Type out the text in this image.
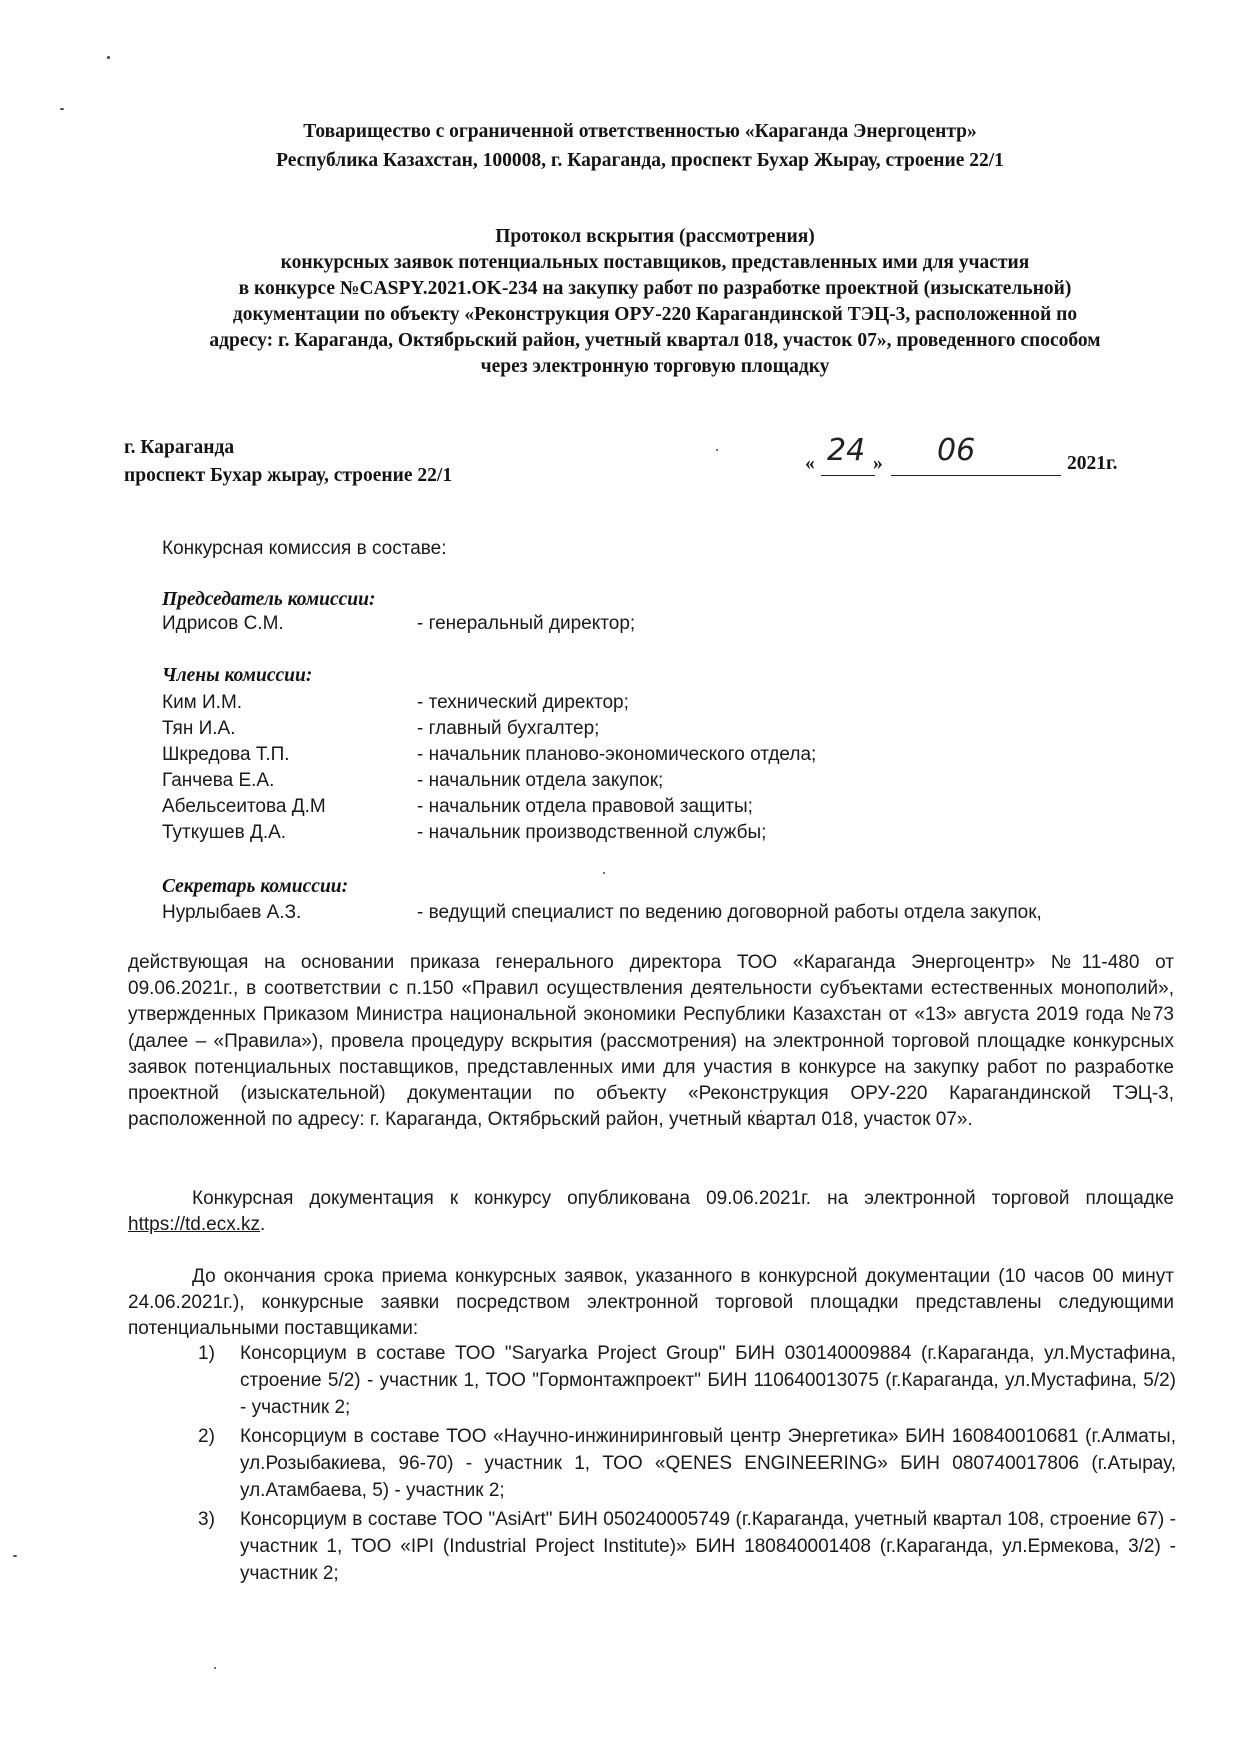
Товарищество с ограниченной ответственностью «Караганда Энергоцентр»
Республика Казахстан, 100008, г. Караганда, проспект Бухар Жырау, строение 22/1
Протокол вскрытия (рассмотрения)
конкурсных заявок потенциальных поставщиков, представленных ими для участия
в конкурсе №CASPY.2021.OK-234 на закупку работ по разработке проектной (изыскательной)
документации по объекту «Реконструкция ОРУ-220 Карагандинской ТЭЦ-3, расположенной по
адресу: г. Караганда, Октябрьский район, учетный квартал 018, участок 07», проведенного способом
через электронную торговую площадку
г. Караганда
проспект Бухар жырау, строение 22/1
« 24 » 06	2021г.
Конкурсная комиссия в составе:
Председатель комиссии:
Идрисов С.М.	- генеральный директор;
Члены комиссии:
Ким И.М.	- технический директор;
Тян И.А.	- главный бухгалтер;
Шкредова Т.П.	- начальник планово-экономического отдела;
Ганчева Е.А.	- начальник отдела закупок;
Абельсеитова Д.М	- начальник отдела правовой защиты;
Туткушев Д.А.	- начальник производственной службы;
Секретарь комиссии:
Нурлыбаев А.З.	- ведущий специалист по ведению договорной работы отдела закупок,
действующая на основании приказа генерального директора ТОО «Караганда Энергоцентр» №11-480 от 09.06.2021г., в соответствии с п.150 «Правил осуществления деятельности субъектами естественных монополий», утвержденных Приказом Министра национальной экономики Республики Казахстан от «13» августа 2019 года №73 (далее – «Правила»), провела процедуру вскрытия (рассмотрения) на электронной торговой площадке конкурсных заявок потенциальных поставщиков, представленных ими для участия в конкурсе на закупку работ по разработке проектной (изыскательной) документации по объекту «Реконструкция ОРУ-220 Карагандинской ТЭЦ-3, расположенной по адресу: г. Караганда, Октябрьский район, учетный квартал 018, участок 07».
Конкурсная документация к конкурсу опубликована 09.06.2021г. на электронной торговой площадке https://td.ecx.kz.
До окончания срока приема конкурсных заявок, указанного в конкурсной документации (10 часов 00 минут 24.06.2021г.), конкурсные заявки посредством электронной торговой площадки представлены следующими потенциальными поставщиками:
1) Консорциум в составе ТОО "Saryarka Project Group" БИН 030140009884 (г.Караганда, ул.Мустафина, строение 5/2) - участник 1, ТОО "Гормонтажпроект" БИН 110640013075 (г.Караганда, ул.Мустафина, 5/2) - участник 2;
2) Консорциум в составе ТОО «Научно-инжиниринговый центр Энергетика» БИН 160840010681 (г.Алматы, ул.Розыбакиева, 96-70) - участник 1, ТОО «QENES ENGINEERING» БИН 080740017806 (г.Атырау, ул.Атамбаева, 5) - участник 2;
3) Консорциум в составе ТОО "AsiArt" БИН 050240005749 (г.Караганда, учетный квартал 108, строение 67) - участник 1, ТОО «IPI (Industrial Project Institute)» БИН 180840001408 (г.Караганда, ул.Ермекова, 3/2) - участник 2;
